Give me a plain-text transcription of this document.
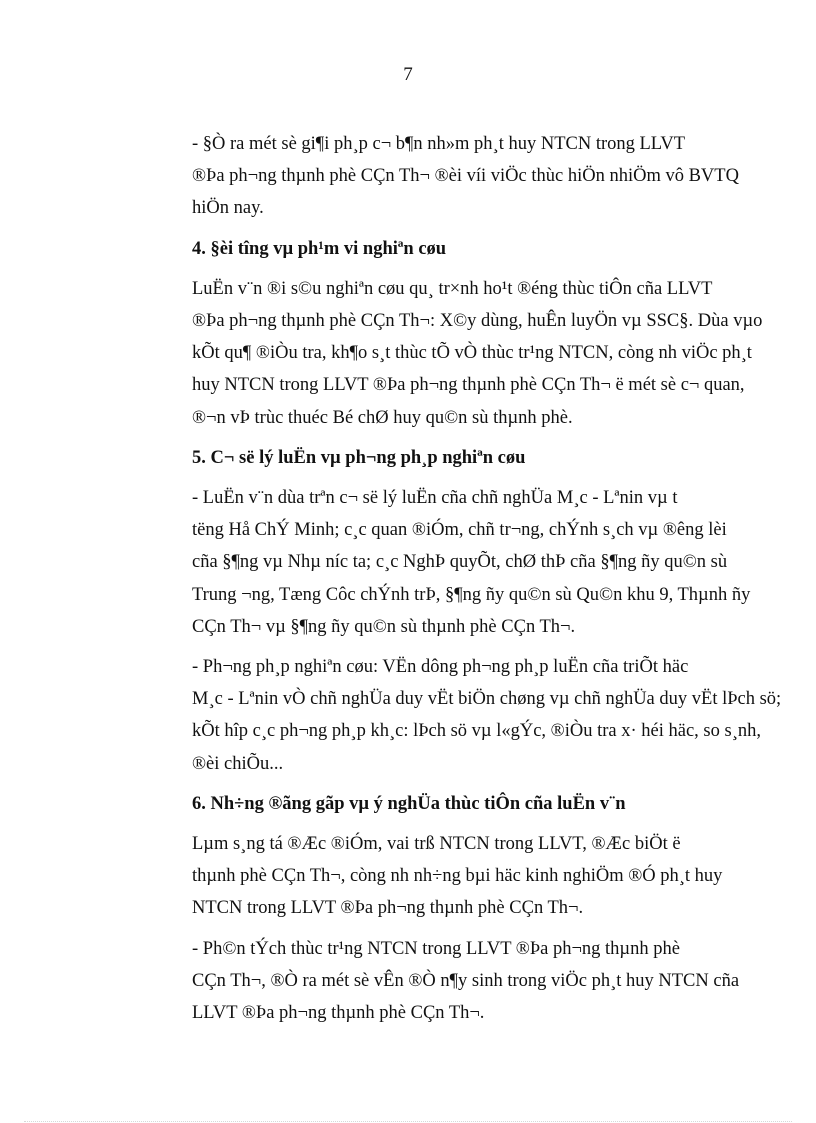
7

- §Ò ra mét sè gi¶i ph¸p c¬ b¶n nh»m ph¸t huy NTCN trong LLVT
®Þa ph¬ng thµnh phè CÇn Th¬ ®èi víi viÖc thùc hiÖn nhiÖm vô BVTQ
hiÖn nay.

4. §èi tîng vµ ph¹m vi nghiªn cøu

LuËn v¨n ®i s©u nghiªn cøu qu¸ tr×nh ho¹t ®éng thùc tiÔn cña LLVT
®Þa ph¬ng thµnh phè CÇn Th¬: X©y dùng, huÊn luyÖn vµ SSC§. Dùa vµo
kÕt qu¶ ®iÒu tra, kh¶o s¸t thùc tÕ vÒ thùc tr¹ng NTCN, còng nh viÖc ph¸t
huy NTCN trong LLVT ®Þa ph¬ng thµnh phè CÇn Th¬ ë mét sè c¬ quan,
®¬n vÞ trùc thuéc Bé chØ huy qu©n sù thµnh phè.

5. C¬ së lý luËn vµ ph¬ng ph¸p nghiªn cøu

- LuËn v¨n dùa trªn c¬ së lý luËn cña chñ nghÜa M¸c - Lªnin vµ t
tëng Hå ChÝ Minh; c¸c quan ®iÓm, chñ tr¬ng, chÝnh s¸ch vµ ®êng lèi
cña §¶ng vµ Nhµ níc ta; c¸c NghÞ quyÕt, chØ thÞ cña §¶ng ñy qu©n sù
Trung ¬ng, Tæng Côc chÝnh trÞ, §¶ng ñy qu©n sù Qu©n khu 9, Thµnh ñy
CÇn Th¬ vµ §¶ng ñy qu©n sù thµnh phè CÇn Th¬.

- Ph¬ng ph¸p nghiªn cøu: VËn dông ph¬ng ph¸p luËn cña triÕt häc
M¸c - Lªnin vÒ chñ nghÜa duy vËt biÖn chøng vµ chñ nghÜa duy vËt lÞch sö;
kÕt hîp c¸c ph¬ng ph¸p kh¸c: lÞch sö vµ l«gÝc, ®iÒu tra x· héi häc, so s¸nh,
®èi chiÕu...

6. Nh÷ng ®ãng gãp vµ ý nghÜa thùc tiÔn cña luËn v¨n

Lµm s¸ng tá ®Æc ®iÓm, vai trß NTCN trong LLVT, ®Æc biÖt ë
thµnh phè CÇn Th¬, còng nh nh÷ng bµi häc kinh nghiÖm ®Ó ph¸t huy
NTCN trong LLVT ®Þa ph¬ng thµnh phè CÇn Th¬.

- Ph©n tÝch thùc tr¹ng NTCN trong LLVT ®Þa ph¬ng thµnh phè
CÇn Th¬, ®Ò ra mét sè vÊn ®Ò n¶y sinh trong viÖc ph¸t huy NTCN cña
LLVT ®Þa ph¬ng thµnh phè CÇn Th¬.
